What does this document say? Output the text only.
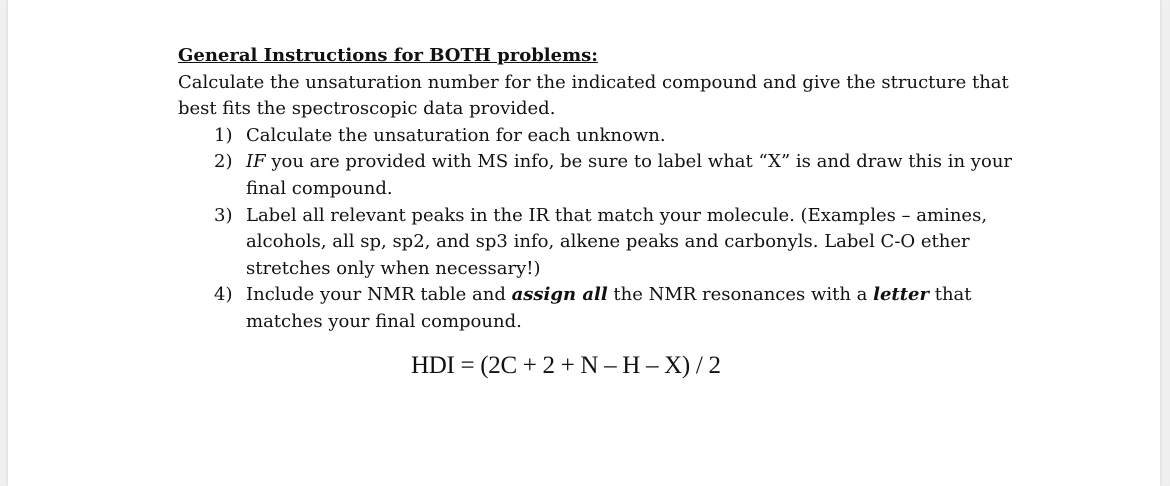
General Instructions for BOTH problems:
Calculate the unsaturation number for the indicated compound and give the structure that best fits the spectroscopic data provided.
1) Calculate the unsaturation for each unknown.
2) IF you are provided with MS info, be sure to label what “X” is and draw this in your final compound.
3) Label all relevant peaks in the IR that match your molecule. (Examples – amines, alcohols, all sp, sp2, and sp3 info, alkene peaks and carbonyls. Label C-O ether stretches only when necessary!)
4) Include your NMR table and assign all the NMR resonances with a letter that matches your final compound.
HDI = (2C + 2 + N – H – X) / 2
